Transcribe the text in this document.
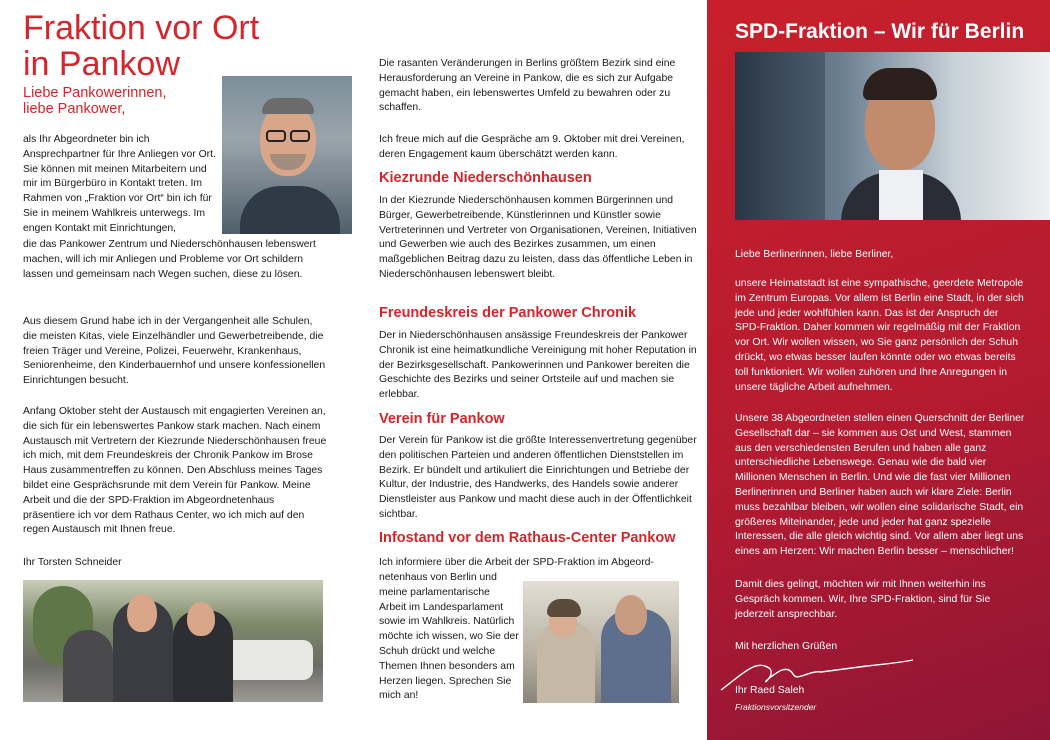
Fraktion vor Ort
in Pankow
Liebe Pankowerinnen,
liebe Pankower,

als Ihr Abgeordneter bin ich Ansprechpartner für Ihre Anliegen vor Ort. Sie können mit meinen Mitarbeitern und mir im Bürgerbüro in Kontakt treten. Im Rahmen von „Fraktion vor Ort“ bin ich für Sie in meinem Wahlkreis unterwegs. Im engen Kontakt mit Einrichtungen,

die das Pankower Zentrum und Niederschönhausen lebenswert machen, will ich mir Anliegen und Probleme vor Ort schildern lassen und gemeinsam nach Wegen suchen, diese zu lösen.

Aus diesem Grund habe ich in der Vergangenheit alle Schulen, die meisten Kitas, viele Einzelhändler und Gewerbetreibende, die freien Träger und Vereine, Polizei, Feuerwehr, Krankenhaus, Seniorenheime, den Kinderbauernhof und unsere konfessionellen Einrichtungen besucht.

Anfang Oktober steht der Austausch mit engagierten Vereinen an, die sich für ein lebenswertes Pankow stark machen. Nach einem Austausch mit Vertretern der Kiezrunde Niederschönhausen freue ich mich, mit dem Freundeskreis der Chronik Pankow im Brose Haus zusammentreffen zu können. Den Abschluss meines Tages bildet eine Gesprächsrunde mit dem Verein für Pankow. Meine Arbeit und die der SPD-Fraktion im Abgeordnetenhaus präsentiere ich vor dem Rathaus Center, wo ich mich auf den regen Austausch mit Ihnen freue.

Ihr Torsten Schneider

Die rasanten Veränderungen in Berlins größtem Bezirk sind eine Herausforderung an Vereine in Pankow, die es sich zur Aufgabe gemacht haben, ein lebenswertes Umfeld zu bewahren oder zu schaffen.

Ich freue mich auf die Gespräche am 9. Oktober mit drei Vereinen, deren Engagement kaum überschätzt werden kann.

Kiezrunde Niederschönhausen

In der Kiezrunde Niederschönhausen kommen Bürgerinnen und Bürger, Gewerbetreibende, Künstlerinnen und Künstler sowie Vertreterinnen und Vertreter von Organisationen, Vereinen, Initiativen und Gewerben wie auch des Bezirkes zusammen, um einen maßgeblichen Beitrag dazu zu leisten, dass das öffentliche Leben in Niederschönhausen lebenswert bleibt.

Freundeskreis der Pankower Chronik

Der in Niederschönhausen ansässige Freundeskreis der Pankower Chronik ist eine heimatkundliche Vereinigung mit hoher Reputation in der Bezirksgesellschaft. Pankowerinnen und Pankower bereiten die Geschichte des Bezirks und seiner Ortsteile auf und machen sie erlebbar.

Verein für Pankow

Der Verein für Pankow ist die größte Interessenvertretung gegenüber den politischen Parteien und anderen öffentlichen Dienststellen im Bezirk. Er bündelt und artikuliert die Einrichtungen und Betriebe der Kultur, der Industrie, des Handwerks, des Handels sowie anderer Dienstleister aus Pankow und macht diese auch in der Öffentlichkeit sichtbar.

Infostand vor dem Rathaus-Center Pankow

Ich informiere über die Arbeit der SPD-Fraktion im Abgeord-

netenhaus von Berlin und meine parlamentarische Arbeit im Landesparlament sowie im Wahlkreis. Natürlich möchte ich wissen, wo Sie der Schuh drückt und welche Themen Ihnen besonders am Herzen liegen. Sprechen Sie mich an!

SPD-Fraktion – Wir für Berlin

Liebe Berlinerinnen, liebe Berliner,

unsere Heimatstadt ist eine sympathische, geerdete Metropole im Zentrum Europas. Vor allem ist Berlin eine Stadt, in der sich jede und jeder wohlfühlen kann. Das ist der Anspruch der SPD-Fraktion. Daher kommen wir regelmäßig mit der Fraktion vor Ort. Wir wollen wissen, wo Sie ganz persönlich der Schuh drückt, wo etwas besser laufen könnte oder wo etwas bereits toll funktioniert. Wir wollen zuhören und Ihre Anregungen in unsere tägliche Arbeit aufnehmen.

Unsere 38 Abgeordneten stellen einen Querschnitt der Berliner Gesellschaft dar – sie kommen aus Ost und West, stammen aus den verschiedensten Berufen und haben alle ganz unterschiedliche Lebenswege. Genau wie die bald vier Millionen Menschen in Berlin. Und wie die fast vier Millionen Berlinerinnen und Berliner haben auch wir klare Ziele: Berlin muss bezahlbar bleiben, wir wollen eine solidarische Stadt, ein größeres Miteinander, jede und jeder hat ganz spezielle Interessen, die alle gleich wichtig sind. Vor allem aber liegt uns eines am Herzen: Wir machen Berlin besser – menschlicher!

Damit dies gelingt, möchten wir mit Ihnen weiterhin ins Gespräch kommen. Wir, Ihre SPD-Fraktion, sind für Sie jederzeit ansprechbar.

Mit herzlichen Grüßen

Ihr Raed Saleh

Fraktionsvorsitzender
